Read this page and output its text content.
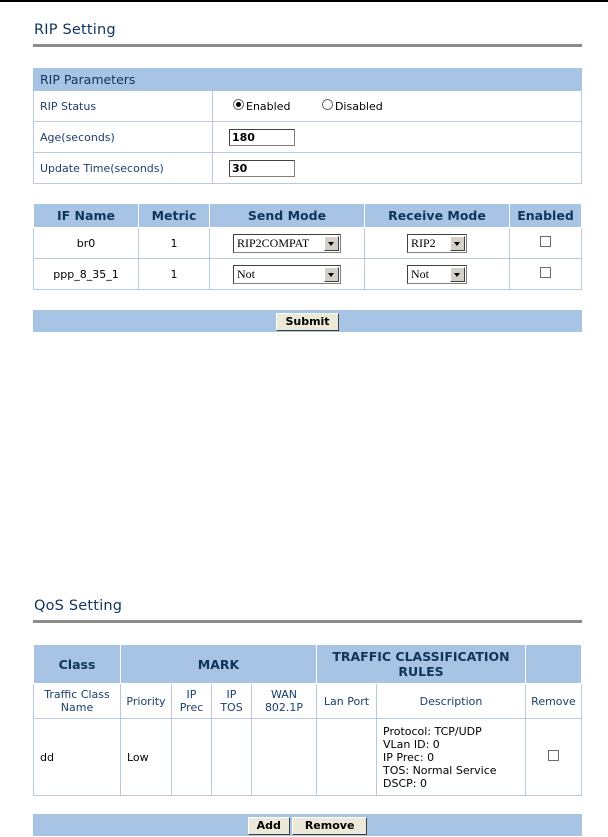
RIP Setting
RIP Parameters	
RIP Status	Enabled Disabled
Age(seconds)	180
Update Time(seconds)	30
IF Name	Metric	Send Mode	Receive Mode	Enabled
br0	1	RIP2COMPAT	RIP2	

ppp_8_35_1	1	Not	Not	

Submit
QoS Setting
Class	MARK				TRAFFIC CLASSIFICATION RULES		
Traffic Class Name	Priority	IP Prec	IP TOS	WAN 802.1P	Lan Port	Description	Remove
dd	Low					Protocol: TCP/UDP
VLan ID: 0
IP Prec: 0
TOS: Normal Service
DSCP: 0	

Add Remove
